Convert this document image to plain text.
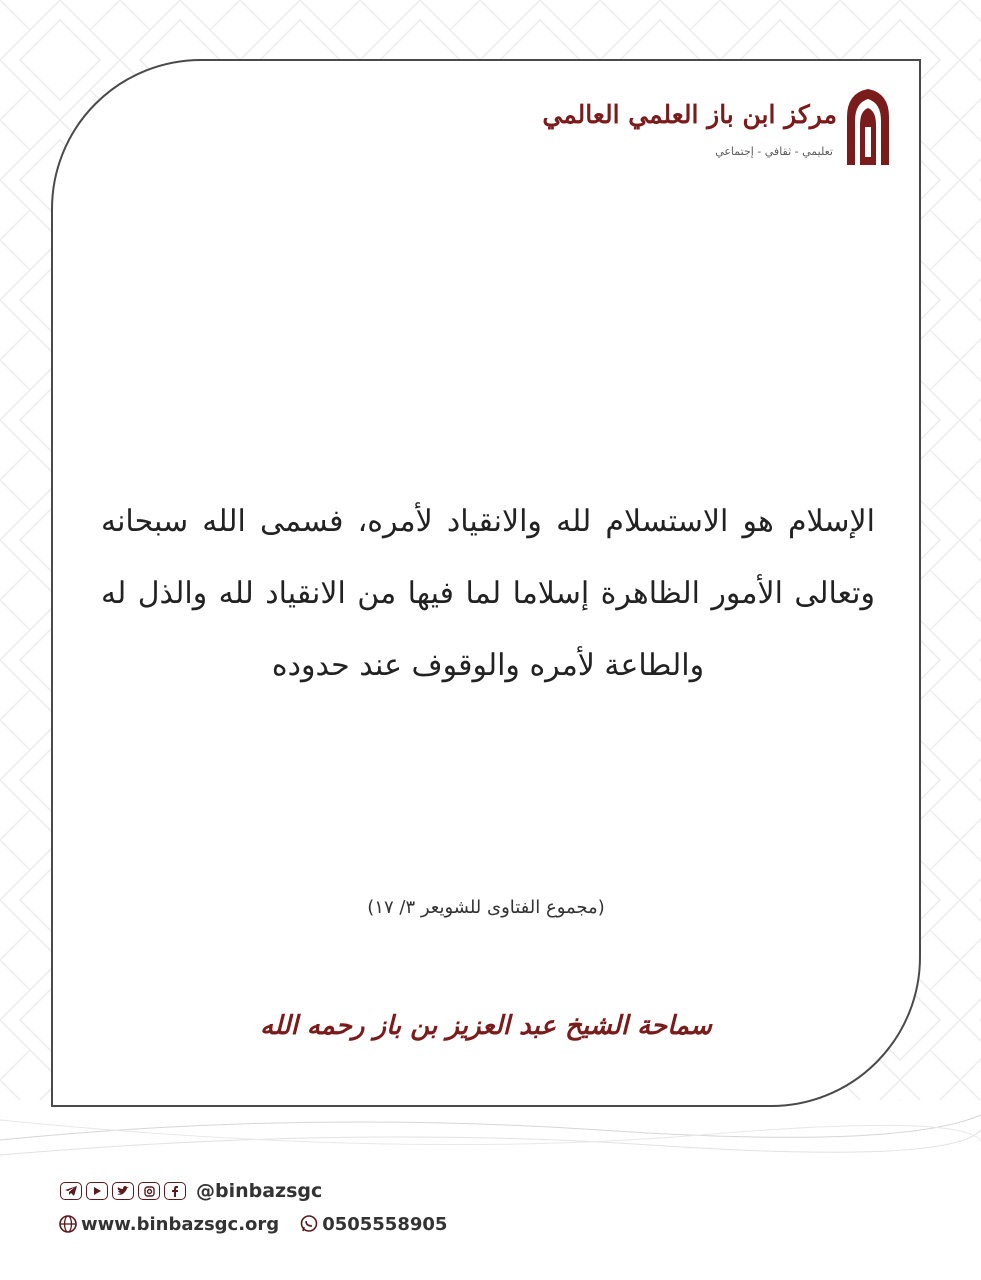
مركز ابن باز العلمي العالمي
تعليمي - ثقافي - إجتماعي
الإسلام هو الاستسلام لله والانقياد لأمره، فسمى الله سبحانه وتعالى الأمور الظاهرة إسلاما لما فيها من الانقياد لله والذل له والطاعة لأمره والوقوف عند حدوده
(مجموع الفتاوى للشويعر ٣/ ١٧)
سماحة الشيخ عبد العزيز بن باز رحمه الله
@binbazsgc
www.binbazsgc.org 0505558905
